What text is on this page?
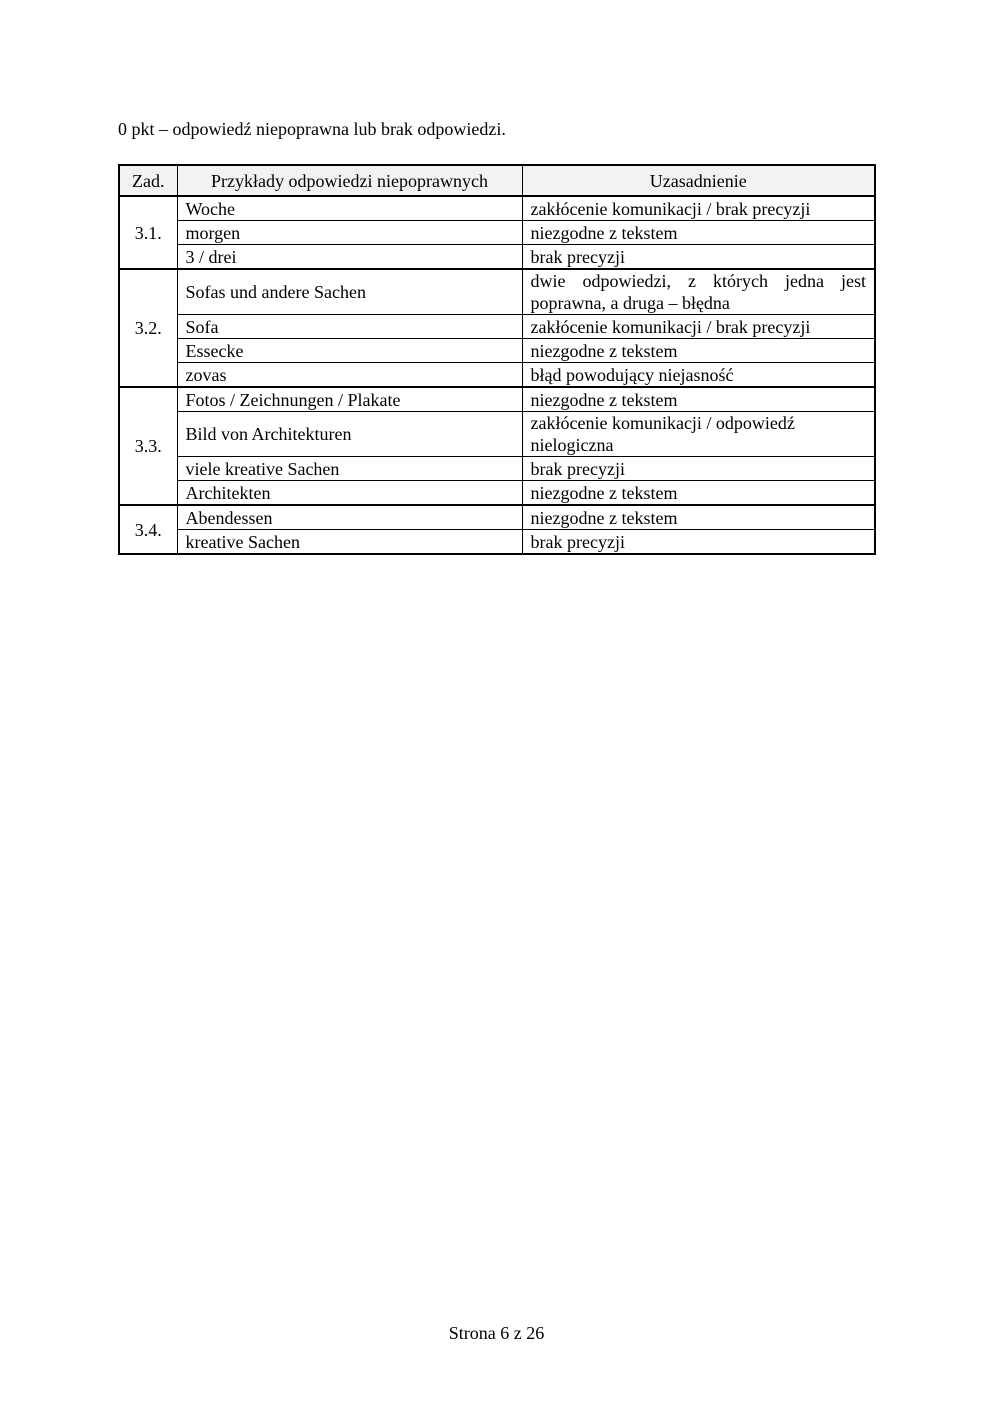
0 pkt – odpowiedź niepoprawna lub brak odpowiedzi.
Zad.	Przykłady odpowiedzi niepoprawnych	Uzasadnienie
3.1.	Woche	zakłócenie komunikacji / brak precyzji
	morgen	niezgodne z tekstem
	3 / drei	brak precyzji
3.2.	Sofas und andere Sachen	dwie odpowiedzi, z których jedna jest poprawna, a druga – błędna
	Sofa	zakłócenie komunikacji / brak precyzji
	Essecke	niezgodne z tekstem
	zovas	błąd powodujący niejasność
3.3.	Fotos / Zeichnungen / Plakate	niezgodne z tekstem
	Bild von Architekturen	zakłócenie komunikacji / odpowiedź nielogiczna
	viele kreative Sachen	brak precyzji
	Architekten	niezgodne z tekstem
3.4.	Abendessen	niezgodne z tekstem
	kreative Sachen	brak precyzji
Strona 6 z 26
